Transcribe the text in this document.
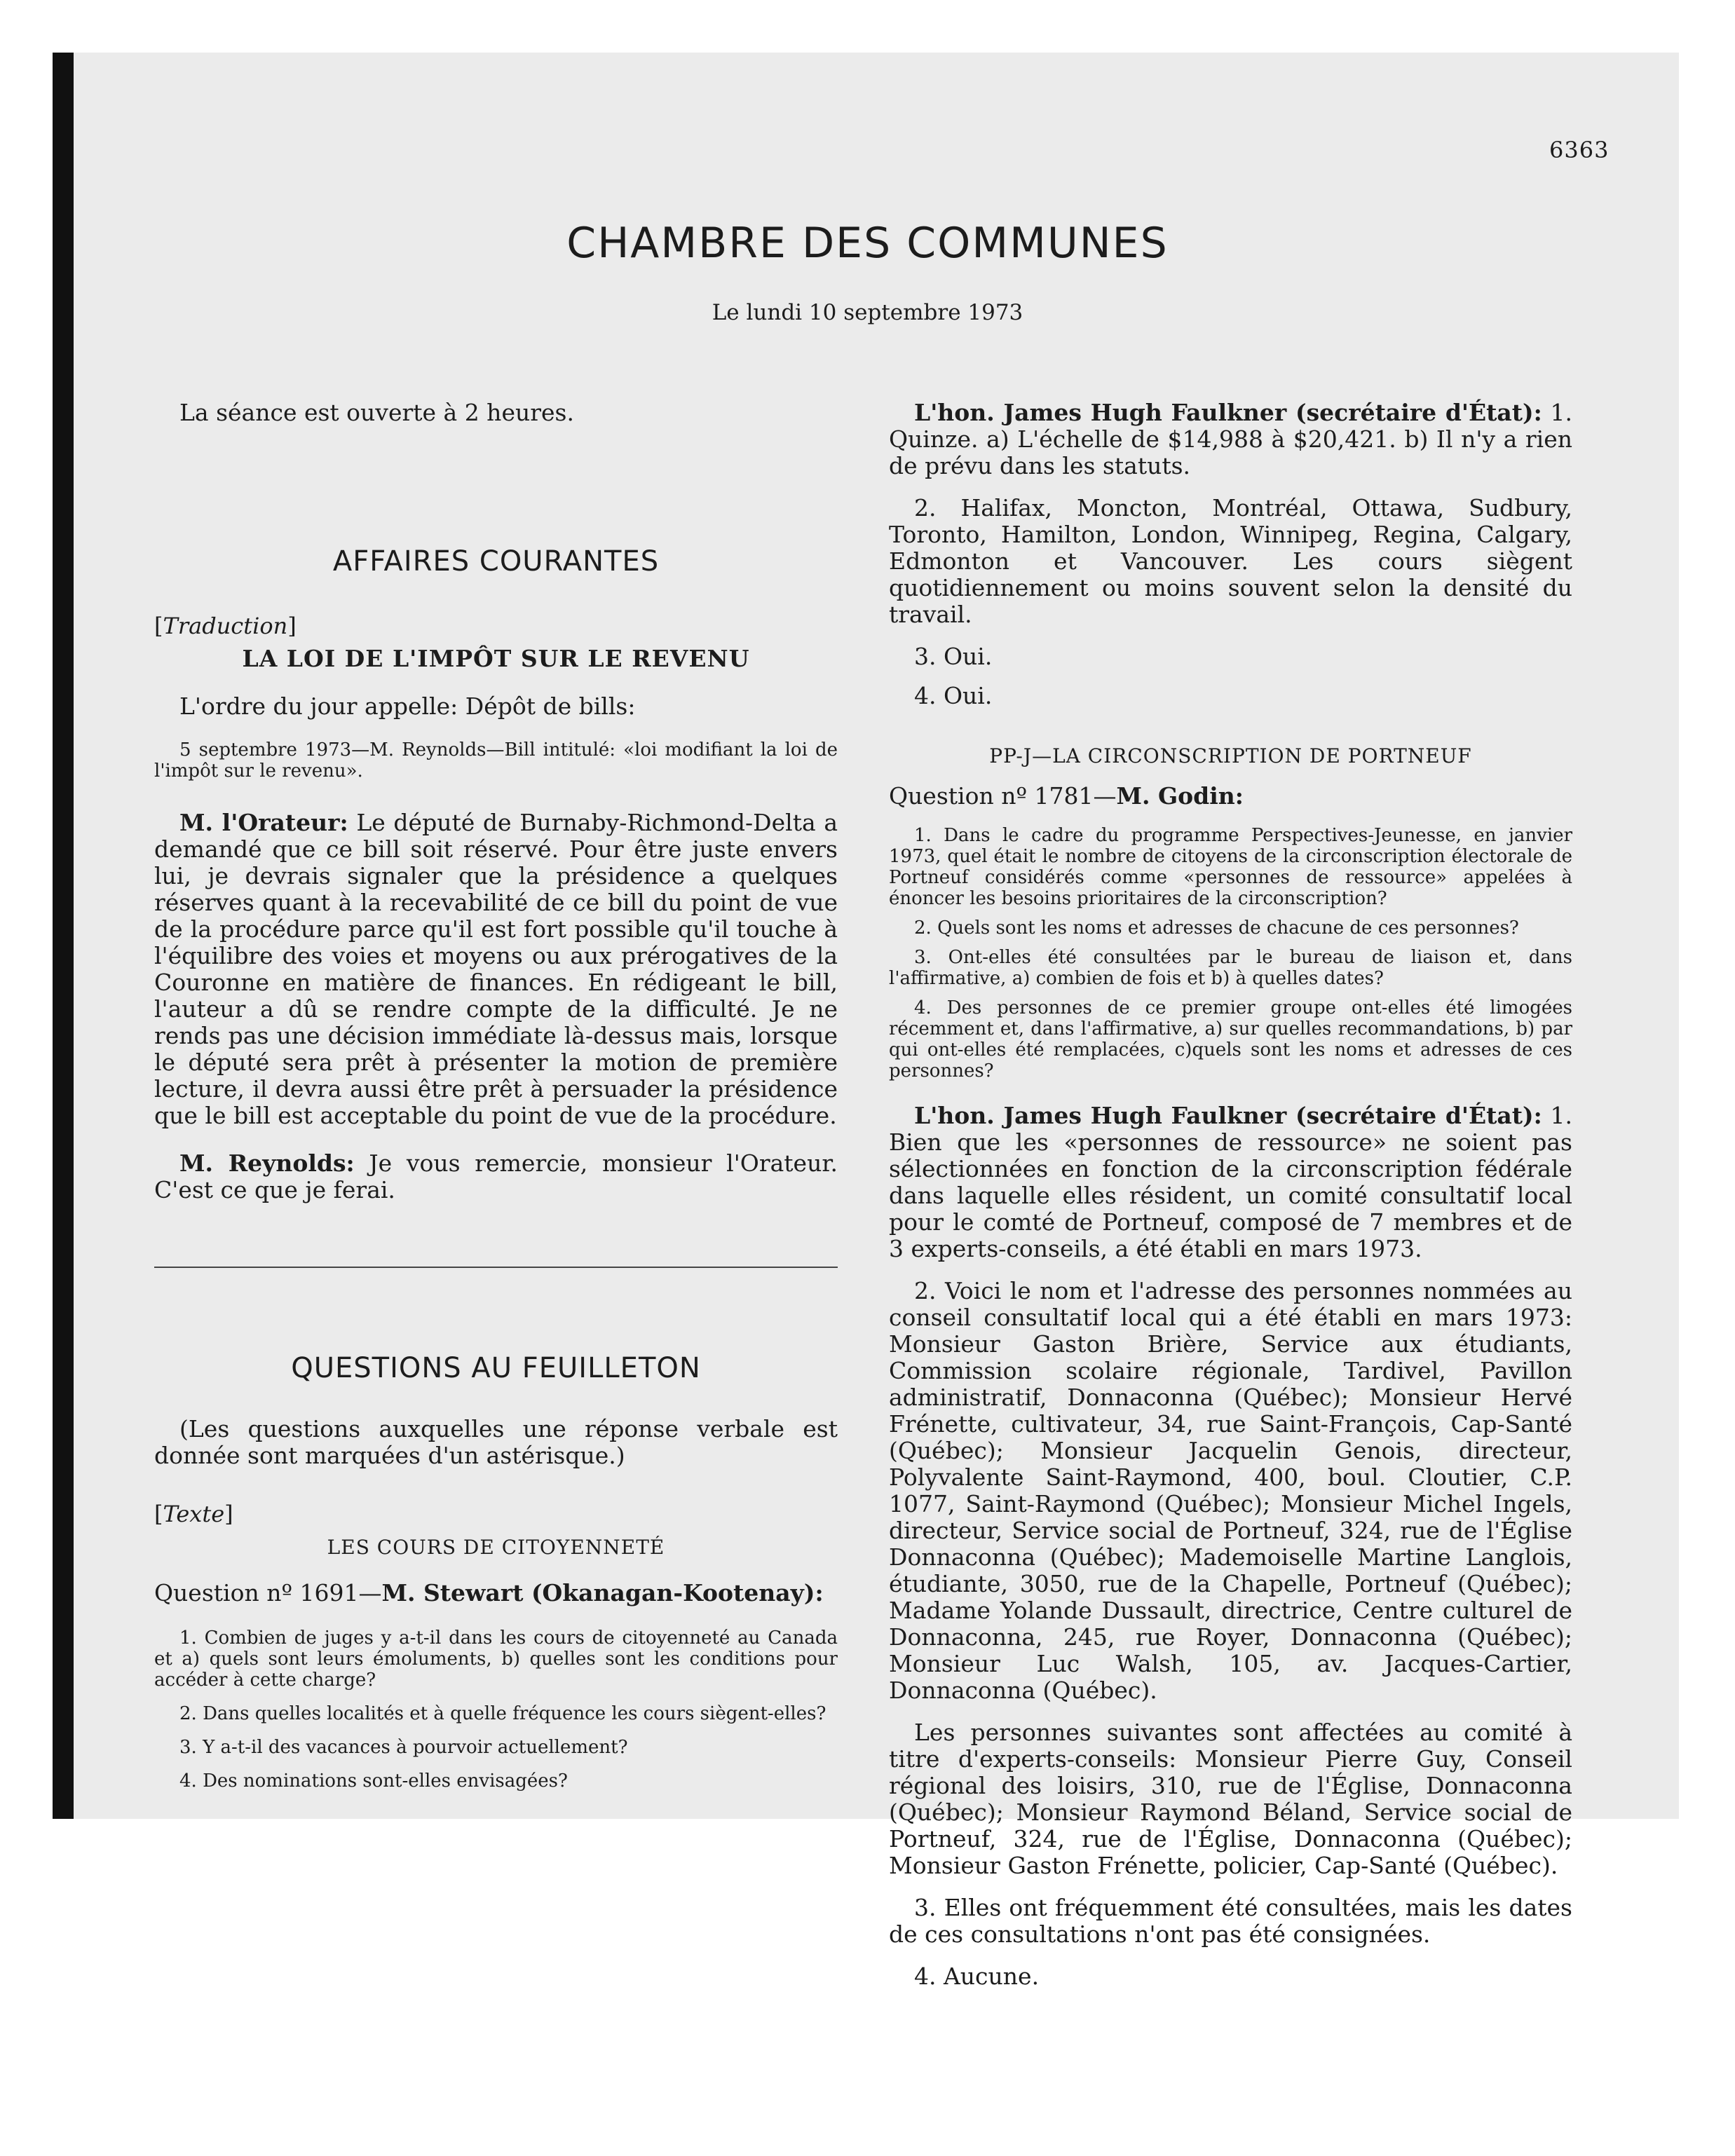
6363
CHAMBRE DES COMMUNES
Le lundi 10 septembre 1973

La séance est ouverte à 2 heures.

AFFAIRES COURANTES

[Traduction]

LA LOI DE L'IMPÔT SUR LE REVENU

L'ordre du jour appelle: Dépôt de bills:

5 septembre 1973—M. Reynolds—Bill intitulé: «loi modifiant la loi de l'impôt sur le revenu».

M. l'Orateur: Le député de Burnaby-Richmond-Delta a demandé que ce bill soit réservé. Pour être juste envers lui, je devrais signaler que la présidence a quelques réserves quant à la recevabilité de ce bill du point de vue de la procédure parce qu'il est fort possible qu'il touche à l'équilibre des voies et moyens ou aux prérogatives de la Couronne en matière de finances. En rédigeant le bill, l'auteur a dû se rendre compte de la difficulté. Je ne rends pas une décision immédiate là-dessus mais, lorsque le député sera prêt à présenter la motion de première lecture, il devra aussi être prêt à persuader la présidence que le bill est acceptable du point de vue de la procédure.

M. Reynolds: Je vous remercie, monsieur l'Orateur. C'est ce que je ferai.

QUESTIONS AU FEUILLETON

(Les questions auxquelles une réponse verbale est donnée sont marquées d'un astérisque.)

[Texte]

LES COURS DE CITOYENNETÉ

Question nº 1691—M. Stewart (Okanagan-Kootenay):

1. Combien de juges y a-t-il dans les cours de citoyenneté au Canada et a) quels sont leurs émoluments, b) quelles sont les conditions pour accéder à cette charge?

2. Dans quelles localités et à quelle fréquence les cours siègent-elles?

3. Y a-t-il des vacances à pourvoir actuellement?

4. Des nominations sont-elles envisagées?

L'hon. James Hugh Faulkner (secrétaire d'État): 1. Quinze. a) L'échelle de $14,988 à $20,421. b) Il n'y a rien de prévu dans les statuts.

2. Halifax, Moncton, Montréal, Ottawa, Sudbury, Toronto, Hamilton, London, Winnipeg, Regina, Calgary, Edmonton et Vancouver. Les cours siègent quotidiennement ou moins souvent selon la densité du travail.

3. Oui.

4. Oui.

PP-J—LA CIRCONSCRIPTION DE PORTNEUF

Question nº 1781—M. Godin:

1. Dans le cadre du programme Perspectives-Jeunesse, en janvier 1973, quel était le nombre de citoyens de la circonscription électorale de Portneuf considérés comme «personnes de ressource» appelées à énoncer les besoins prioritaires de la circonscription?

2. Quels sont les noms et adresses de chacune de ces personnes?

3. Ont-elles été consultées par le bureau de liaison et, dans l'affirmative, a) combien de fois et b) à quelles dates?

4. Des personnes de ce premier groupe ont-elles été limogées récemment et, dans l'affirmative, a) sur quelles recommandations, b) par qui ont-elles été remplacées, c)quels sont les noms et adresses de ces personnes?

L'hon. James Hugh Faulkner (secrétaire d'État): 1. Bien que les «personnes de ressource» ne soient pas sélectionnées en fonction de la circonscription fédérale dans laquelle elles résident, un comité consultatif local pour le comté de Portneuf, composé de 7 membres et de 3 experts-conseils, a été établi en mars 1973.

2. Voici le nom et l'adresse des personnes nommées au conseil consultatif local qui a été établi en mars 1973: Monsieur Gaston Brière, Service aux étudiants, Commission scolaire régionale, Tardivel, Pavillon administratif, Donnaconna (Québec); Monsieur Hervé Frénette, cultivateur, 34, rue Saint-François, Cap-Santé (Québec); Monsieur Jacquelin Genois, directeur, Polyvalente Saint-Raymond, 400, boul. Cloutier, C.P. 1077, Saint-Raymond (Québec); Monsieur Michel Ingels, directeur, Service social de Portneuf, 324, rue de l'Église Donnaconna (Québec); Mademoiselle Martine Langlois, étudiante, 3050, rue de la Chapelle, Portneuf (Québec); Madame Yolande Dussault, directrice, Centre culturel de Donnaconna, 245, rue Royer, Donnaconna (Québec); Monsieur Luc Walsh, 105, av. Jacques-Cartier, Donnaconna (Québec).

Les personnes suivantes sont affectées au comité à titre d'experts-conseils: Monsieur Pierre Guy, Conseil régional des loisirs, 310, rue de l'Église, Donnaconna (Québec); Monsieur Raymond Béland, Service social de Portneuf, 324, rue de l'Église, Donnaconna (Québec); Monsieur Gaston Frénette, policier, Cap-Santé (Québec).

3. Elles ont fréquemment été consultées, mais les dates de ces consultations n'ont pas été consignées.

4. Aucune.
